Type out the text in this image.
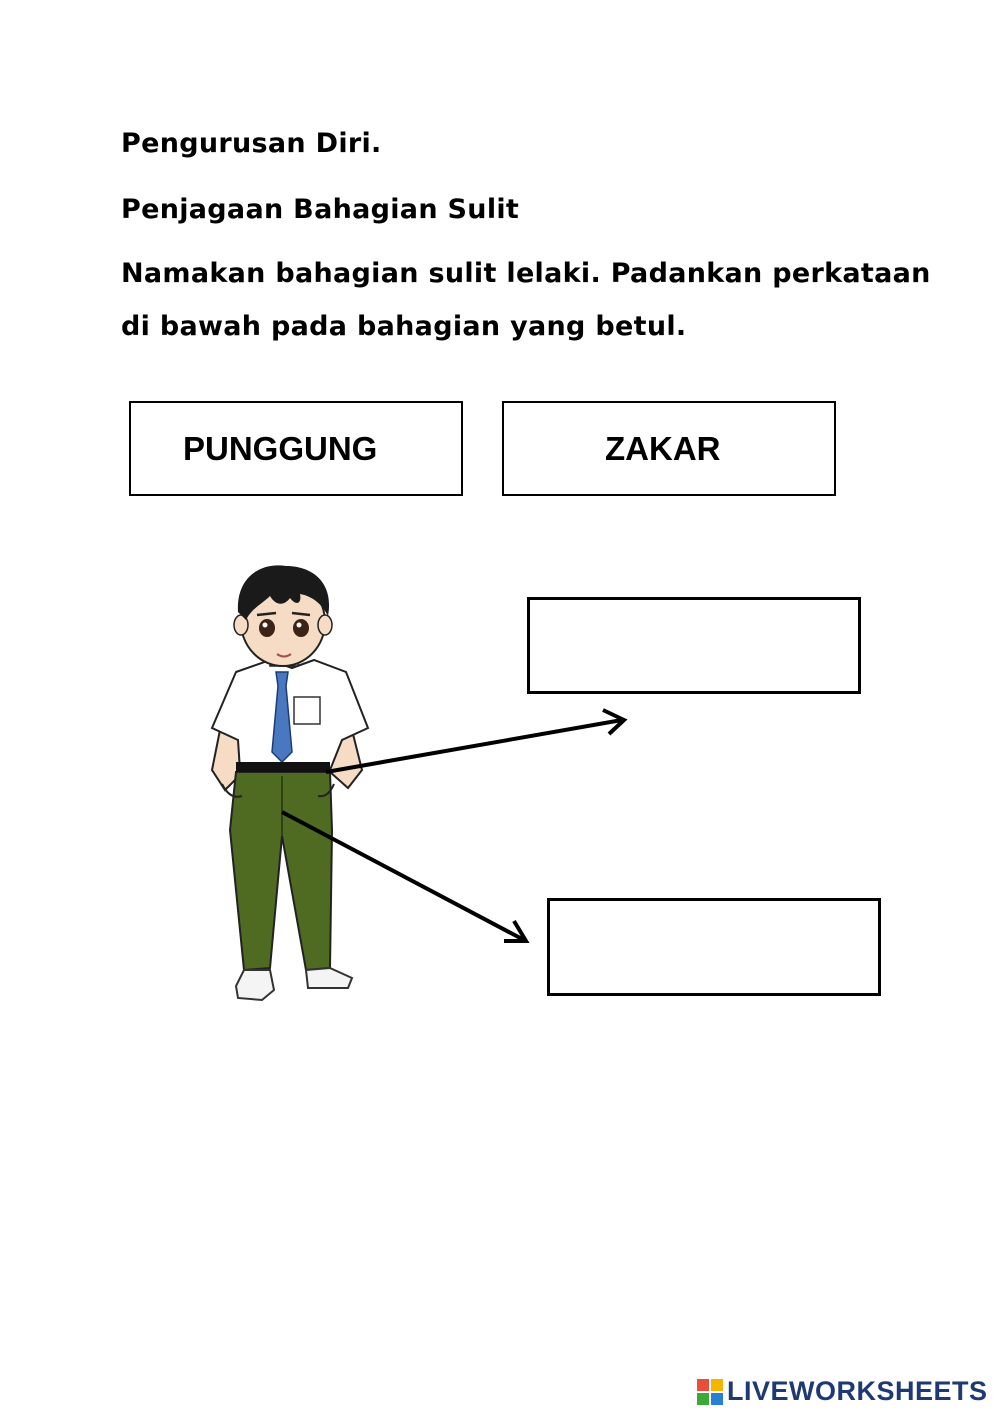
Pengurusan Diri.
Penjagaan Bahagian Sulit
Namakan bahagian sulit lelaki. Padankan perkataan
di bawah pada bahagian yang betul.
PUNGGUNG	ZAKAR
LIVEWORKSHEETS
